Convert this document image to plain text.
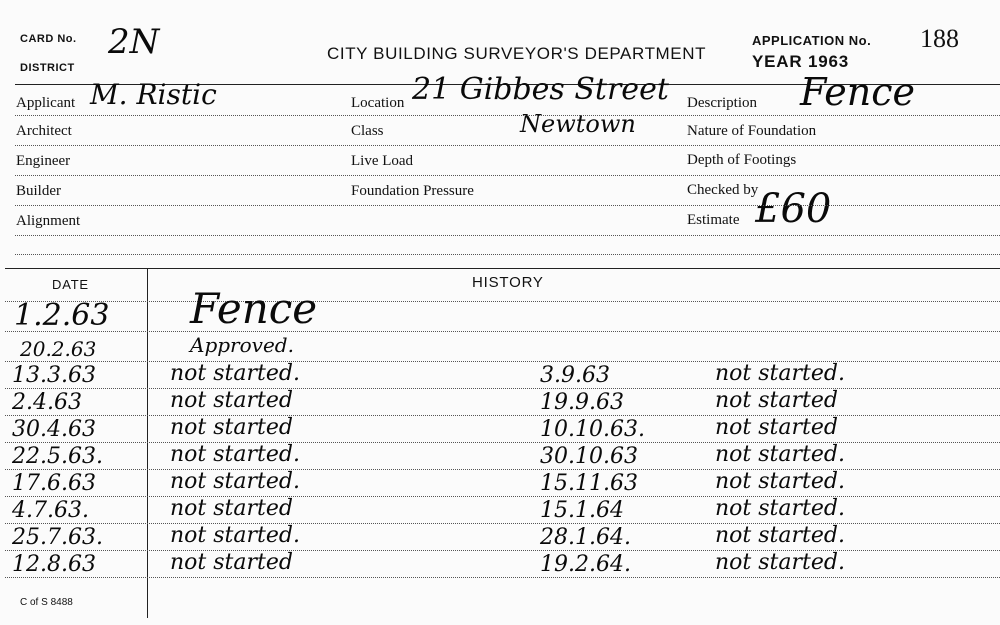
CARD No. 2N
DISTRICT
CITY BUILDING SURVEYOR'S DEPARTMENT
APPLICATION No. 188
YEAR 1963
Applicant M. Ristic
Architect
Engineer
Builder
Alignment
Location 21 Gibbes Street
Class	Newtown
Live Load
Foundation Pressure
Description Fence
Nature of Foundation
Depth of Footings
Checked by
Estimate £60
DATE	HISTORY
1.2.63 Fence
20.2.63	Approved.
13.3.63	not started.	3.9.63	not started.
2.4.63	not started	19.9.63	not started
30.4.63	not started	10.10.63.	not started
22.5.63.	not started.	30.10.63	not started.
17.6.63	not started.	15.11.63	not started.
4.7.63.	not started	15.1.64	not started.
25.7.63.	not started.	28.1.64.	not started.
12.8.63	not started	19.2.64.	not started.
C of S 8488
